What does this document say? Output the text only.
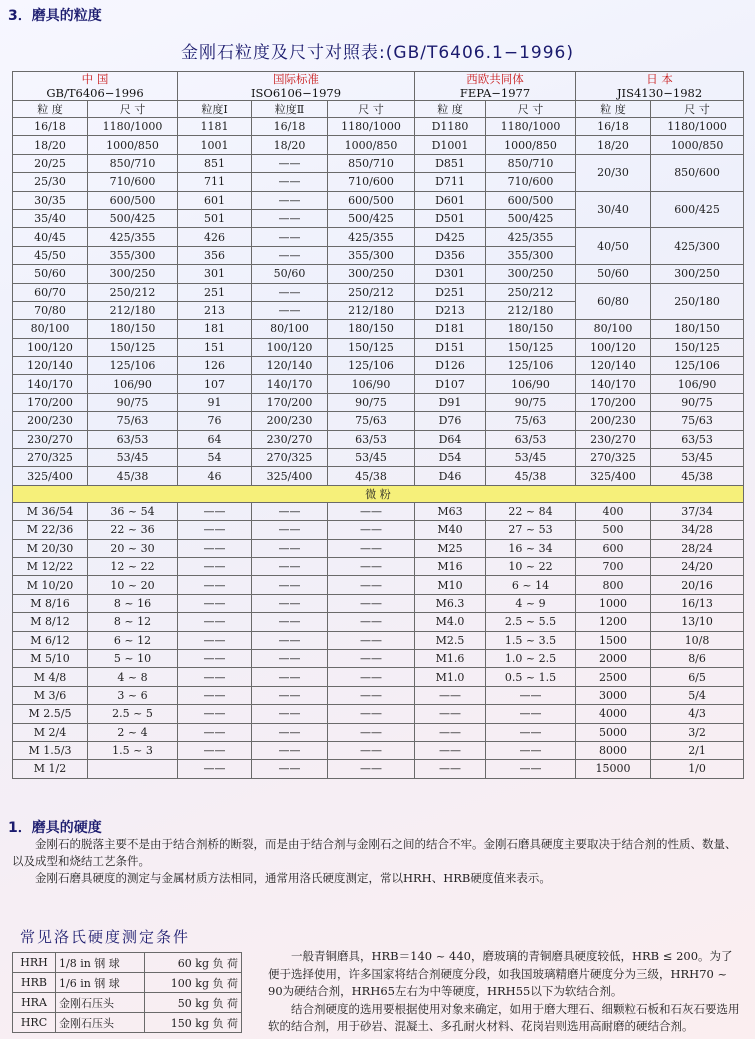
3．磨具的粒度
金刚石粒度及尺寸对照表:(GB/T6406.1−1996)
中 国
GB/T6406−1996		国际标准
ISO6106−1979			西欧共同体
FEPA−1977		日 本
JIS4130−1982	

粒 度	尺 寸	粒度Ⅰ	粒度Ⅱ	尺 寸	粒 度	尺 寸	粒 度	尺 寸
16/18	1180/1000	1181	16/18	1180/1000	D1180	1180/1000	16/18	1180/1000
18/20	1000/850	1001	18/20	1000/850	D1001	1000/850	18/20	1000/850
20/25	850/710	851	——	850/710	D851	850/710	20/30	850/600
25/30	710/600	711	——	710/600	D711	710/600		
30/35	600/500	601	——	600/500	D601	600/500	30/40	600/425
35/40	500/425	501	——	500/425	D501	500/425		
40/45	425/355	426	——	425/355	D425	425/355	40/50	425/300
45/50	355/300	356	——	355/300	D356	355/300		
50/60	300/250	301	50/60	300/250	D301	300/250	50/60	300/250
60/70	250/212	251	——	250/212	D251	250/212	60/80	250/180
70/80	212/180	213	——	212/180	D213	212/180		
80/100	180/150	181	80/100	180/150	D181	180/150	80/100	180/150
100/120	150/125	151	100/120	150/125	D151	150/125	100/120	150/125
120/140	125/106	126	120/140	125/106	D126	125/106	120/140	125/106
140/170	106/90	107	140/170	106/90	D107	106/90	140/170	106/90
170/200	90/75	91	170/200	90/75	D91	90/75	170/200	90/75
200/230	75/63	76	200/230	75/63	D76	75/63	200/230	75/63
230/270	63/53	64	230/270	63/53	D64	63/53	230/270	63/53
270/325	53/45	54	270/325	53/45	D54	53/45	270/325	53/45
325/400	45/38	46	325/400	45/38	D46	45/38	325/400	45/38
微 粉								
M 36/54	36 ~ 54	——	——	——	M63	22 ~ 84	400	37/34
M 22/36	22 ~ 36	——	——	——	M40	27 ~ 53	500	34/28
M 20/30	20 ~ 30	——	——	——	M25	16 ~ 34	600	28/24
M 12/22	12 ~ 22	——	——	——	M16	10 ~ 22	700	24/20
M 10/20	10 ~ 20	——	——	——	M10	6 ~ 14	800	20/16
M 8/16	8 ~ 16	——	——	——	M6.3	4 ~ 9	1000	16/13
M 8/12	8 ~ 12	——	——	——	M4.0	2.5 ~ 5.5	1200	13/10
M 6/12	6 ~ 12	——	——	——	M2.5	1.5 ~ 3.5	1500	10/8
M 5/10	5 ~ 10	——	——	——	M1.6	1.0 ~ 2.5	2000	8/6
M 4/8	4 ~ 8	——	——	——	M1.0	0.5 ~ 1.5	2500	6/5
M 3/6	3 ~ 6	——	——	——	——	——	3000	5/4
M 2.5/5	2.5 ~ 5	——	——	——	——	——	4000	4/3
M 2/4	2 ~ 4	——	——	——	——	——	5000	3/2
M 1.5/3	1.5 ~ 3	——	——	——	——	——	8000	2/1
M 1/2		——	——	——	——	——	15000	1/0
1．磨具的硬度

金刚石的脱落主要不是由于结合剂桥的断裂，而是由于结合剂与金刚石之间的结合不牢。金刚石磨具硬度主要取决于结合剂的性质、数量、以及成型和烧结工艺条件。

金刚石磨具硬度的测定与金属材质方法相同，通常用洛氏硬度测定，常以HRH、HRB硬度值来表示。

常见洛氏硬度测定条件
HRH	1/8 in 钢 球	60 kg 负 荷
HRB	1/6 in 钢 球	100 kg 负 荷
HRA	金刚石压头	50 kg 负 荷
HRC	金刚石压头	150 kg 负 荷

一般青铜磨具，HRB＝140 ~ 440，磨玻璃的青铜磨具硬度较低，HRB ≤ 200。为了便于选择使用，许多国家将结合剂硬度分段，如我国玻璃精磨片硬度分为三级，HRH70 ~ 90为硬结合剂，HRH65左右为中等硬度，HRH55以下为软结合剂。

结合剂硬度的选用要根据使用对象来确定，如用于磨大理石、细颗粒石板和石灰石要选用软的结合剂，用于砂岩、混凝土、多孔耐火材料、花岗岩则选用高耐磨的硬结合剂。
